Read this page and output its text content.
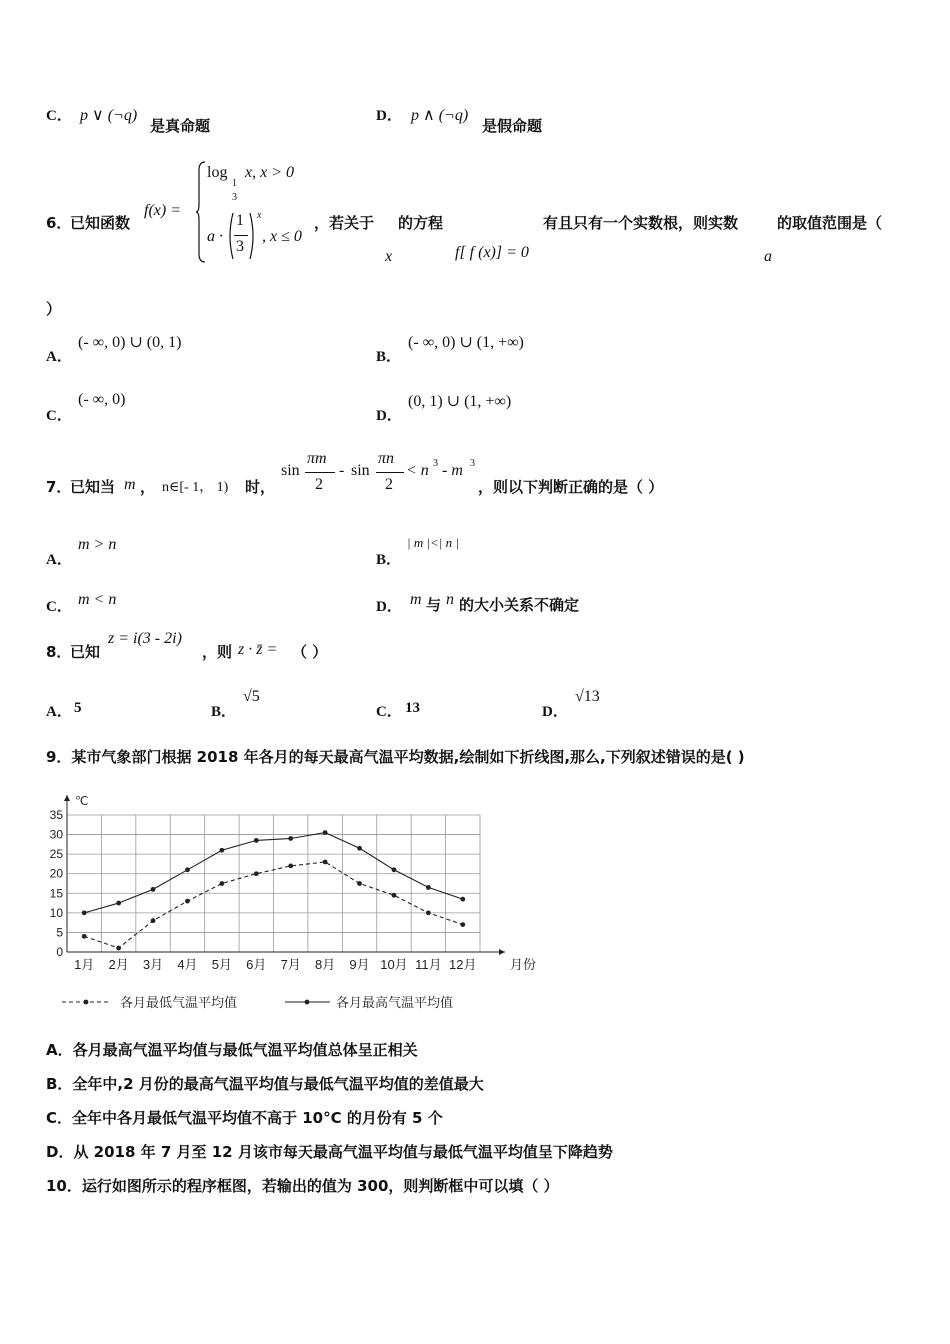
C． p ∨ (¬q)
是真命题
D． p ∧ (¬q)
是假命题
6．
已知函数
f(x) =
log
1
3
x, x > 0
a ·
1
3
x
, x ≤ 0
，若关于 的方程	有且只有一个实数根，则实数	的取值范围是（
x	f[ f (x)] = 0	a
）
A．
(- ∞, 0) ∪ (0, 1)
B．
(- ∞, 0) ∪ (1, +∞)
C．
(- ∞, 0)
D．
(0, 1) ∪ (1, +∞)
7．
已知当 m ， n∈[- 1， 1) 时，
sin
πm
2
- sin
πn
2
< n 3 - m 3
，则以下判断正确的是（ ）
A．
m > n
B．
| m |<| n |
C． m < n	D． m 与 n 的大小关系不确定
8．
已知
z = i(3 - 2i)
，则 z · z̄ = （ ）
A． 5	B．
√5
C． 13	D．
√13
9．某市气象部门根据 2018 年各月的每天最高气温平均数据,绘制如下折线图,那么,下列叙述错误的是( )
0
5
10
15
20
25
30
35
℃
月份
1月 2月 3月 4月 5月 6月 7月 8月 9月 10月 11月 12月
各月最低气温平均值	各月最高气温平均值
A．各月最高气温平均值与最低气温平均值总体呈正相关
B．全年中,2 月份的最高气温平均值与最低气温平均值的差值最大
C．全年中各月最低气温平均值不高于 10°C 的月份有 5 个
D．从 2018 年 7 月至 12 月该市每天最高气温平均值与最低气温平均值呈下降趋势
10．运行如图所示的程序框图，若输出的值为 300，则判断框中可以填（ ）
